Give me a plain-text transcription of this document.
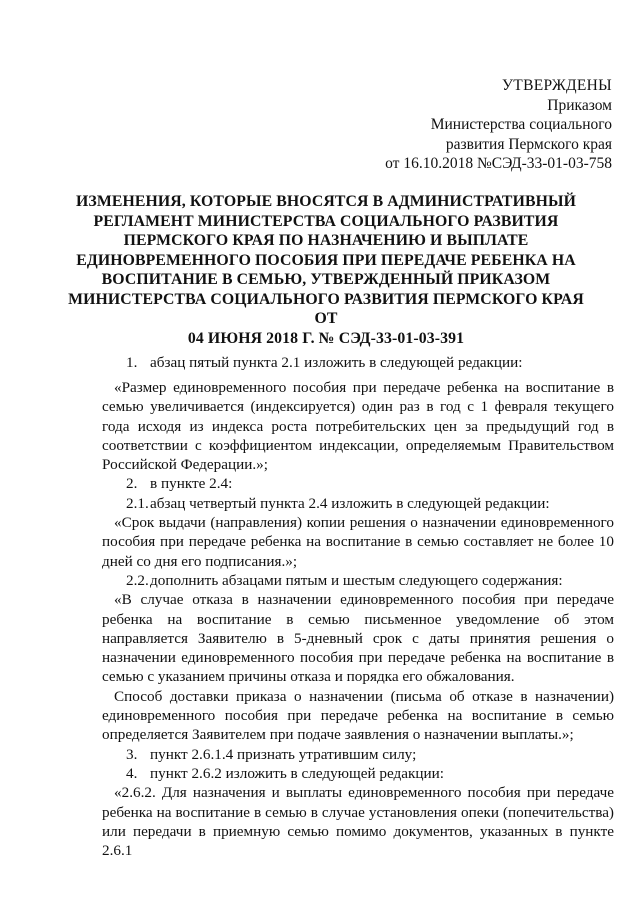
УТВЕРЖДЕНЫ
Приказом
Министерства социального
развития Пермского края
от 16.10.2018 №СЭД-33-01-03-758
ИЗМЕНЕНИЯ, КОТОРЫЕ ВНОСЯТСЯ В АДМИНИСТРАТИВНЫЙ
РЕГЛАМЕНТ МИНИСТЕРСТВА СОЦИАЛЬНОГО РАЗВИТИЯ
ПЕРМСКОГО КРАЯ ПО НАЗНАЧЕНИЮ И ВЫПЛАТЕ
ЕДИНОВРЕМЕННОГО ПОСОБИЯ ПРИ ПЕРЕДАЧЕ РЕБЕНКА НА
ВОСПИТАНИЕ В СЕМЬЮ, УТВЕРЖДЕННЫЙ ПРИКАЗОМ
МИНИСТЕРСТВА СОЦИАЛЬНОГО РАЗВИТИЯ ПЕРМСКОГО КРАЯ ОТ
04 ИЮНЯ 2018 Г. № СЭД-33-01-03-391

1. абзац пятый пункта 2.1 изложить в следующей редакции:

«Размер единовременного пособия при передаче ребенка на воспитание в семью увеличивается (индексируется) один раз в год с 1 февраля текущего года исходя из индекса роста потребительских цен за предыдущий год в соответствии с коэффициентом индексации, определяемым Правительством Российской Федерации.»;

2. в пункте 2.4:

2.1.абзац четвертый пункта 2.4 изложить в следующей редакции:

«Срок выдачи (направления) копии решения о назначении единовременного пособия при передаче ребенка на воспитание в семью составляет не более 10 дней со дня его подписания.»;

2.2.дополнить абзацами пятым и шестым следующего содержания:

«В случае отказа в назначении единовременного пособия при передаче ребенка на воспитание в семью письменное уведомление об этом направляется Заявителю в 5-дневный срок с даты принятия решения о назначении единовременного пособия при передаче ребенка на воспитание в семью с указанием причины отказа и порядка его обжалования.

Способ доставки приказа о назначении (письма об отказе в назначении) единовременного пособия при передаче ребенка на воспитание в семью определяется Заявителем при подаче заявления о назначении выплаты.»;

3. пункт 2.6.1.4 признать утратившим силу;

4. пункт 2.6.2 изложить в следующей редакции:

«2.6.2. Для назначения и выплаты единовременного пособия при передаче ребенка на воспитание в семью в случае установления опеки (попечительства) или передачи в приемную семью помимо документов, указанных в пункте 2.6.1
